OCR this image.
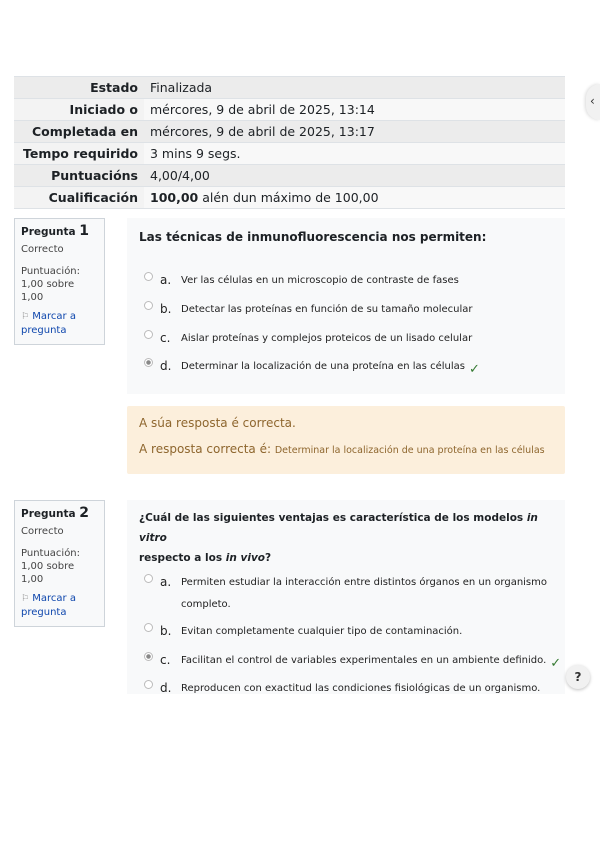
Estado	Finalizada
Iniciado o	mércores, 9 de abril de 2025, 13:14
Completada en	mércores, 9 de abril de 2025, 13:17
Tempo requirido	3 mins 9 segs.
Puntuacións	4,00/4,00
Cualificación	100,00 alén dun máximo de 100,00
Pregunta 1
Correcto
Puntuación:
1,00 sobre 1,00
⚐ Marcar a pregunta
Las técnicas de inmunofluorescencia nos permiten:
a. Ver las células en un microscopio de contraste de fases
b. Detectar las proteínas en función de su tamaño molecular
c.	Aislar proteínas y complejos proteicos de un lisado celular
d. Determinar la localización de una proteína en las células ✓
A súa resposta é correcta.
A resposta correcta é: Determinar la localización de una proteína en las células
Pregunta 2
Correcto
Puntuación:
1,00 sobre 1,00
⚐ Marcar a pregunta
¿Cuál de las siguientes ventajas es característica de los modelos in vitro
respecto a los in vivo?
a. Permiten estudiar la interacción entre distintos órganos en un organismo
completo.
b. Evitan completamente cualquier tipo de contaminación.
c.	Facilitan el control de variables experimentales en un ambiente definido. ✓
d. Reproducen con exactitud las condiciones fisiológicas de un organismo.
‹
?
